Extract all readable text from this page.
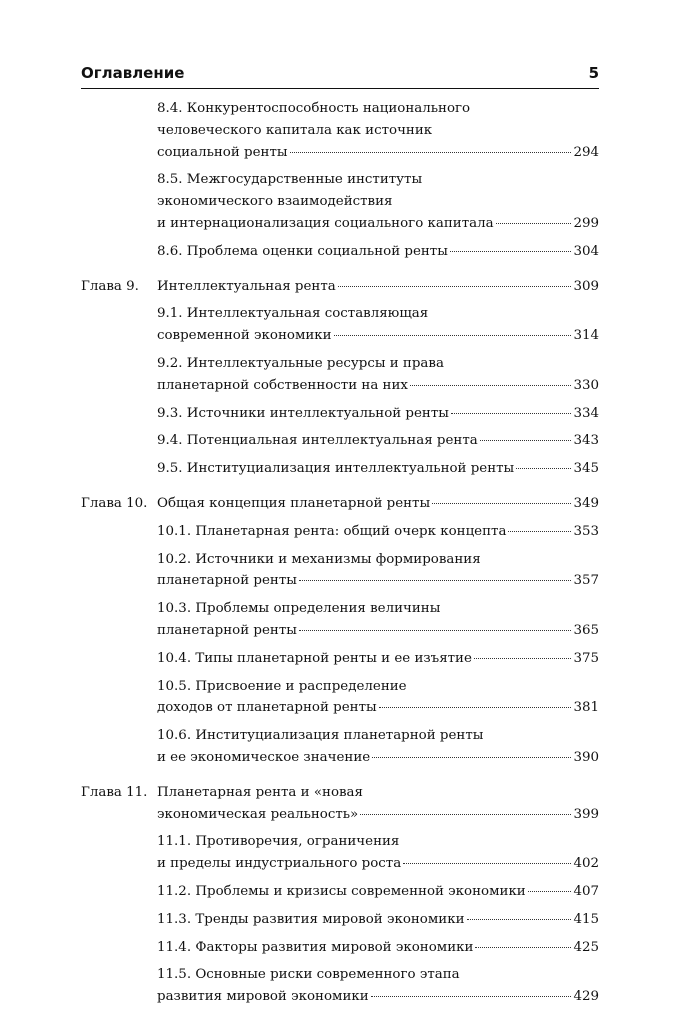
Оглавление	5
8.4. Конкурентоспособность национального
человеческого капитала как источник
социальной ренты	294
8.5. Межгосударственные институты
экономического взаимодействия
и интернационализация социального капитала	299
8.6. Проблема оценки социальной ренты	304
Глава 9. Интеллектуальная рента	309
9.1. Интеллектуальная составляющая
современной экономики	314
9.2. Интеллектуальные ресурсы и права
планетарной собственности на них	330
9.3. Источники интеллектуальной ренты	334
9.4. Потенциальная интеллектуальная рента	343
9.5. Институциализация интеллектуальной ренты	345
Глава 10. Общая концепция планетарной ренты	349
10.1. Планетарная рента: общий очерк концепта	353
10.2. Источники и механизмы формирования
планетарной ренты	357
10.3. Проблемы определения величины
планетарной ренты	365
10.4. Типы планетарной ренты и ее изъятие	375
10.5. Присвоение и распределение
доходов от планетарной ренты	381
10.6. Институциализация планетарной ренты
и ее экономическое значение	390
Глава 11. Планетарная рента и «новая
экономическая реальность»	399
11.1. Противоречия, ограничения
и пределы индустриального роста	402
11.2. Проблемы и кризисы современной экономики	407
11.3. Тренды развития мировой экономики	415
11.4. Факторы развития мировой экономики	425
11.5. Основные риски современного этапа
развития мировой экономики	429
